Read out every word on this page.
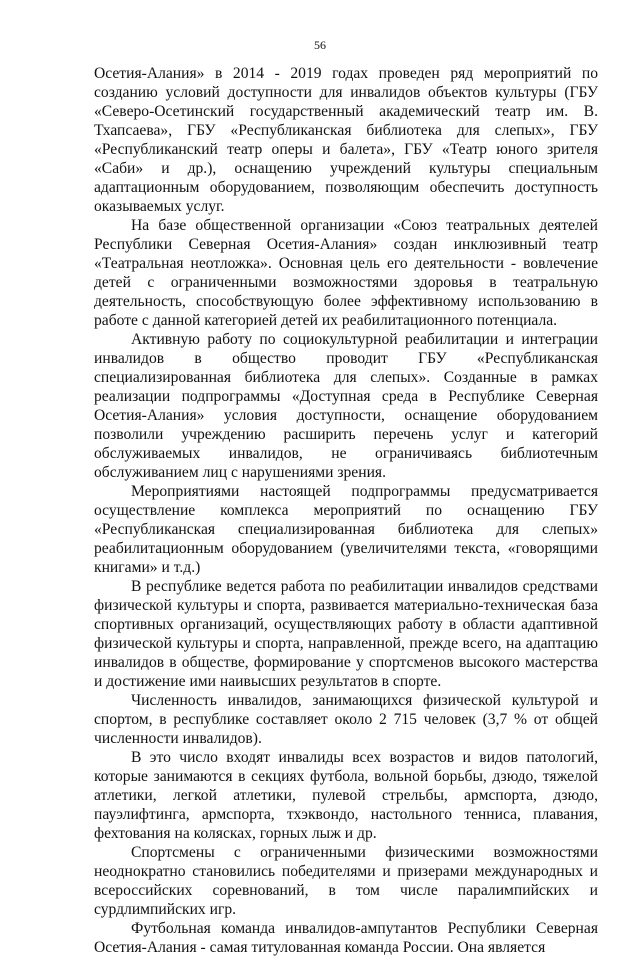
56

Осетия-Алания» в 2014 - 2019 годах проведен ряд мероприятий по созданию условий доступности для инвалидов объектов культуры (ГБУ «Северо-Осетинский государственный академический театр им. В. Тхапсаева», ГБУ «Республиканская библиотека для слепых», ГБУ «Республиканский театр оперы и балета», ГБУ «Театр юного зрителя «Саби» и др.), оснащению учреждений культуры специальным адаптационным оборудованием, позволяющим обеспечить доступность оказываемых услуг.

На базе общественной организации «Союз театральных деятелей Республики Северная Осетия-Алания» создан инклюзивный театр «Театральная неотложка». Основная цель его деятельности - вовлечение детей с ограниченными возможностями здоровья в театральную деятельность, способствующую более эффективному использованию в работе с данной категорией детей их реабилитационного потенциала.

Активную работу по социокультурной реабилитации и интеграции инвалидов в общество проводит ГБУ «Республиканская специализированная библиотека для слепых». Созданные в рамках реализации подпрограммы «Доступная среда в Республике Северная Осетия-Алания» условия доступности, оснащение оборудованием позволили учреждению расширить перечень услуг и категорий обслуживаемых инвалидов, не ограничиваясь библиотечным обслуживанием лиц с нарушениями зрения.

Мероприятиями настоящей подпрограммы предусматривается осуществление комплекса мероприятий по оснащению ГБУ «Республиканская специализированная библиотека для слепых» реабилитационным оборудованием (увеличителями текста, «говорящими книгами» и т.д.)

В республике ведется работа по реабилитации инвалидов средствами физической культуры и спорта, развивается материально-техническая база спортивных организаций, осуществляющих работу в области адаптивной физической культуры и спорта, направленной, прежде всего, на адаптацию инвалидов в обществе, формирование у спортсменов высокого мастерства и достижение ими наивысших результатов в спорте.

Численность инвалидов, занимающихся физической культурой и спортом, в республике составляет около 2 715 человек (3,7 % от общей численности инвалидов).

В это число входят инвалиды всех возрастов и видов патологий, которые занимаются в секциях футбола, вольной борьбы, дзюдо, тяжелой атлетики, легкой атлетики, пулевой стрельбы, армспорта, дзюдо, пауэлифтинга, армспорта, тхэквондо, настольного тенниса, плавания, фехтования на колясках, горных лыж и др.

Спортсмены с ограниченными физическими возможностями неоднократно становились победителями и призерами международных и всероссийских соревнований, в том числе паралимпийских и сурдлимпийских игр.

Футбольная команда инвалидов-ампутантов Республики Северная Осетия-Алания - самая титулованная команда России. Она является
